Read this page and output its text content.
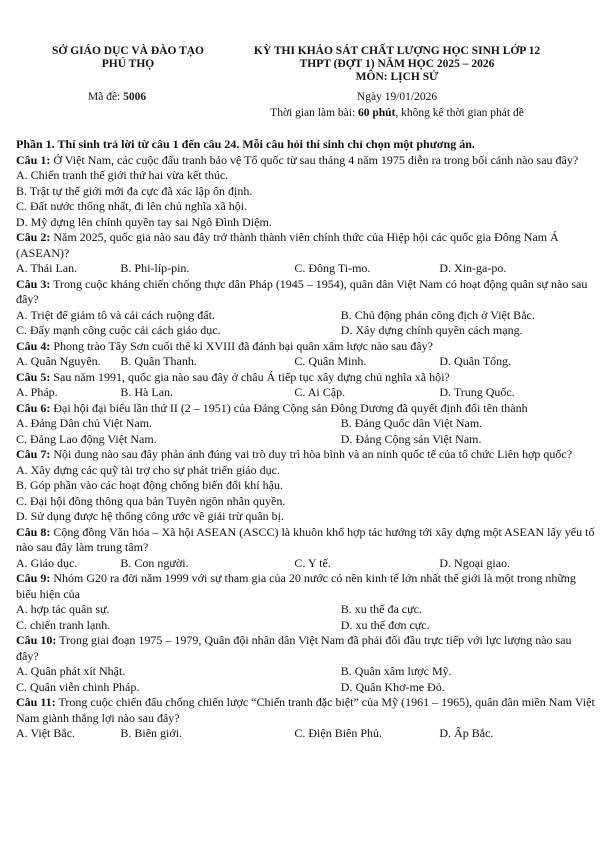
SỞ GIÁO DỤC VÀ ĐÀO TẠO
PHÚ THỌ
KỲ THI KHẢO SÁT CHẤT LƯỢNG HỌC SINH LỚP 12
THPT (ĐỢT 1) NĂM HỌC 2025 – 2026
MÔN: LỊCH SỬ
Mã đề: 5006	Ngày 19/01/2026
Thời gian làm bài: 60 phút, không kể thời gian phát đề
Phần 1. Thí sinh trả lời từ câu 1 đến câu 24. Mỗi câu hỏi thí sinh chỉ chọn một phương án.
Câu 1: Ở Việt Nam, các cuộc đấu tranh bảo vệ Tổ quốc từ sau tháng 4 năm 1975 diễn ra trong bối cảnh nào sau đây?
A. Chiến tranh thế giới thứ hai vừa kết thúc.
B. Trật tự thế giới mới đa cực đã xác lập ổn định.
C. Đất nước thống nhất, đi lên chủ nghĩa xã hội.
D. Mỹ dựng lên chính quyền tay sai Ngô Đình Diệm.
Câu 2: Năm 2025, quốc gia nào sau đây trở thành thành viên chính thức của Hiệp hội các quốc gia Đông Nam Á (ASEAN)?
A. Thái Lan.	B. Phi-líp-pin.	C. Đông Ti-mo.	D. Xin-ga-po.
Câu 3: Trong cuộc kháng chiến chống thực dân Pháp (1945 – 1954), quân dân Việt Nam có hoạt động quân sự nào sau đây?
A. Triệt để giảm tô và cải cách ruộng đất.	B. Chủ động phản công địch ở Việt Bắc.
C. Đẩy mạnh công cuộc cải cách giáo dục.	D. Xây dựng chính quyền cách mạng.
Câu 4: Phong trào Tây Sơn cuối thế kỉ XVIII đã đánh bại quân xâm lược nào sau đây?
A. Quân Nguyên.	B. Quân Thanh.	C. Quân Minh.	D. Quân Tống.
Câu 5: Sau năm 1991, quốc gia nào sau đây ở châu Á tiếp tục xây dựng chủ nghĩa xã hội?
A. Pháp.	B. Hà Lan.	C. Ai Cập.	D. Trung Quốc.
Câu 6: Đại hội đại biểu lần thứ II (2 – 1951) của Đảng Cộng sản Đông Dương đã quyết định đổi tên thành
A. Đảng Dân chủ Việt Nam.	B. Đảng Quốc dân Việt Nam.
C. Đảng Lao động Việt Nam.	D. Đảng Cộng sản Việt Nam.
Câu 7: Nội dung nào sau đây phản ánh đúng vai trò duy trì hòa bình và an ninh quốc tế của tổ chức Liên hợp quốc?
A. Xây dựng các quỹ tài trợ cho sự phát triển giáo dục.
B. Góp phần vào các hoạt động chống biến đổi khí hậu.
C. Đại hội đồng thông qua bản Tuyên ngôn nhân quyền.
D. Sử dụng được hệ thống công ước về giải trừ quân bị.
Câu 8: Cộng đồng Văn hóa – Xã hội ASEAN (ASCC) là khuôn khổ hợp tác hướng tới xây dựng một ASEAN lấy yếu tố nào sau đây làm trung tâm?
A. Giáo dục.	B. Con người.	C. Y tế.	D. Ngoại giao.
Câu 9: Nhóm G20 ra đời năm 1999 với sự tham gia của 20 nước có nền kinh tế lớn nhất thế giới là một trong những biểu hiện của
A. hợp tác quân sự.	B. xu thế đa cực.
C. chiến tranh lạnh.	D. xu thế đơn cực.
Câu 10: Trong giai đoạn 1975 – 1979, Quân đội nhân dân Việt Nam đã phải đối đầu trực tiếp với lực lượng nào sau đây?
A. Quân phát xít Nhật.	B. Quân xâm lược Mỹ.
C. Quân viễn chinh Pháp.	D. Quân Khơ-me Đỏ.
Câu 11: Trong cuộc chiến đấu chống chiến lược “Chiến tranh đặc biệt” của Mỹ (1961 – 1965), quân dân miền Nam Việt Nam giành thắng lợi nào sau đây?
A. Việt Bắc.	B. Biên giới.	C. Điện Biên Phủ.	D. Ấp Bắc.
